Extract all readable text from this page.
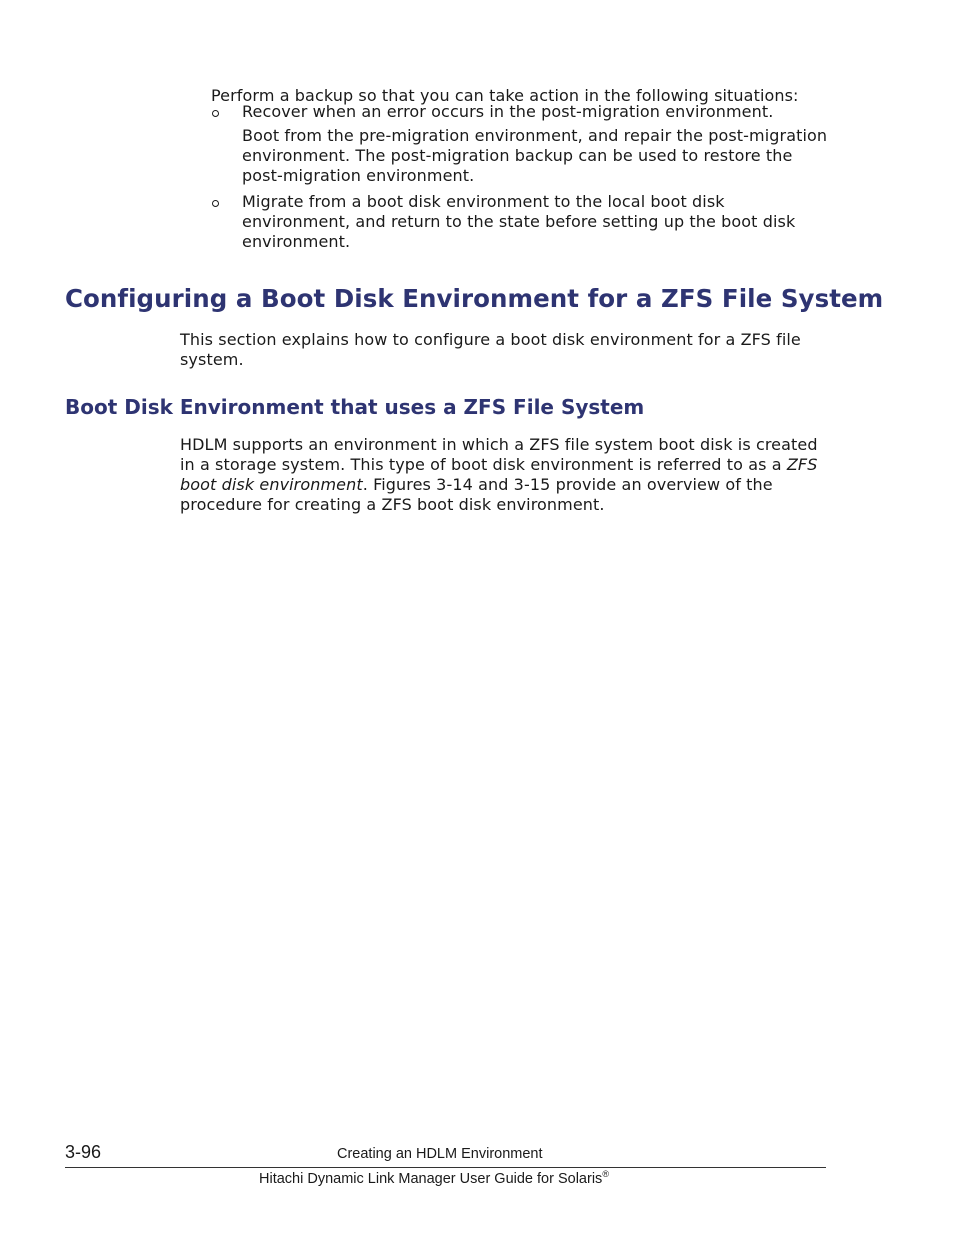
Perform a backup so that you can take action in the following situations:

Recover when an error occurs in the post-migration environment.

Boot from the pre-migration environment, and repair the post-migration environment. The post-migration backup can be used to restore the post-migration environment.

Migrate from a boot disk environment to the local boot disk environment, and return to the state before setting up the boot disk environment.

Configuring a Boot Disk Environment for a ZFS File System

This section explains how to configure a boot disk environment for a ZFS file system.

Boot Disk Environment that uses a ZFS File System

HDLM supports an environment in which a ZFS file system boot disk is created in a storage system. This type of boot disk environment is referred to as a ZFS boot disk environment. Figures 3-14 and 3-15 provide an overview of the procedure for creating a ZFS boot disk environment.

3-96	Creating an HDLM Environment
Hitachi Dynamic Link Manager User Guide for Solaris®
